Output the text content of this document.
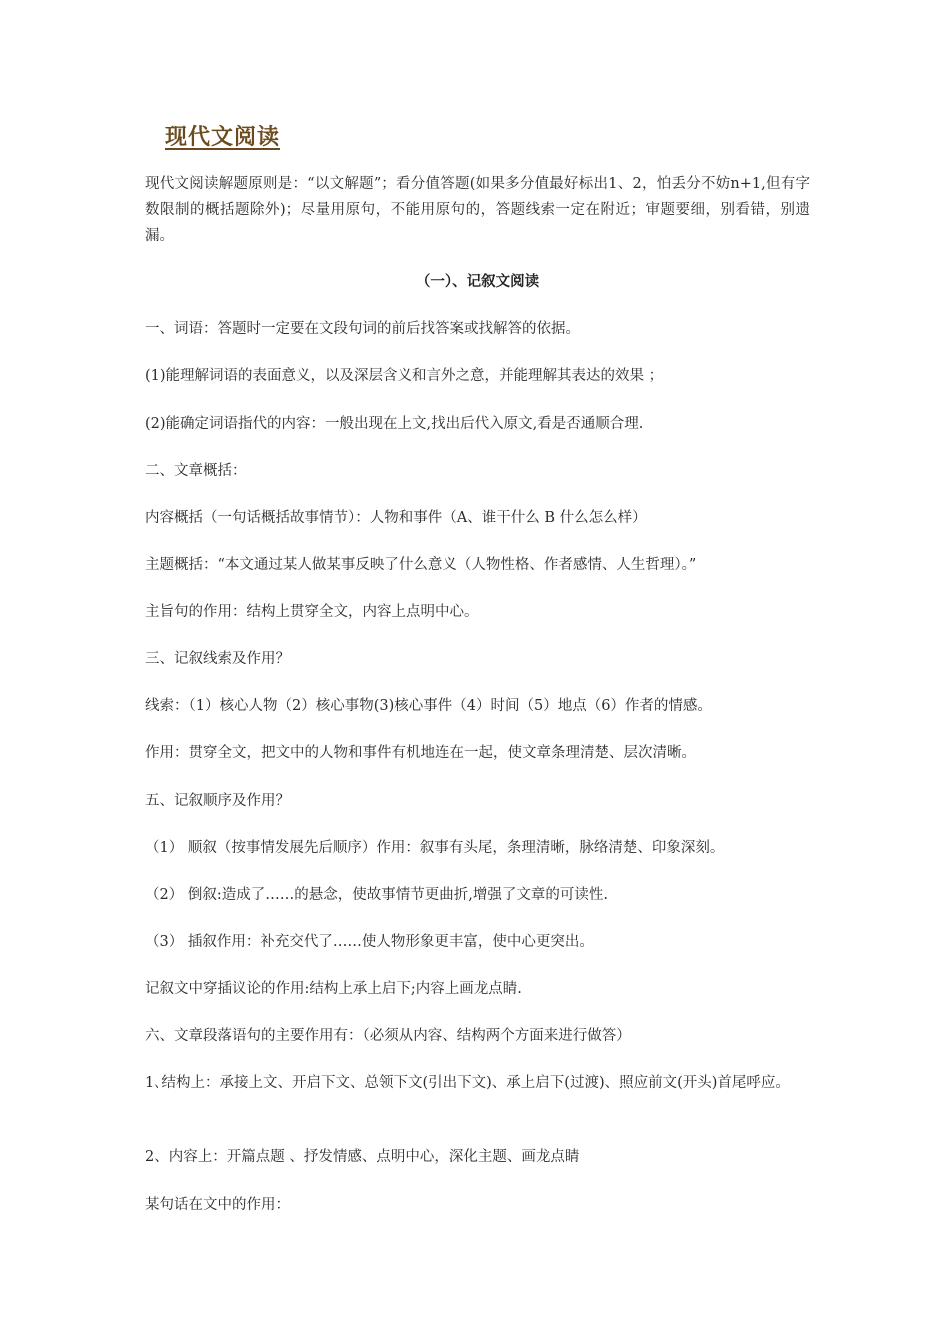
现代文阅读
现代文阅读解题原则是：“以文解题”；看分值答题(如果多分值最好标出1、2，怕丢分不妨n+1,但有字数限制的概括题除外)；尽量用原句，不能用原句的，答题线索一定在附近；审题要细，别看错，别遗漏。
（一）、记叙文阅读
一、词语：答题时一定要在文段句词的前后找答案或找解答的依据。
(1)能理解词语的表面意义，以及深层含义和言外之意，并能理解其表达的效果 ；
(2)能确定词语指代的内容：一般出现在上文,找出后代入原文,看是否通顺合理.
二、文章概括：
内容概括（一句话概括故事情节）：人物和事件（A、谁干什么 B 什么怎么样）
主题概括：“本文通过某人做某事反映了什么意义（人物性格、作者感情、人生哲理）。”
主旨句的作用：结构上贯穿全文，内容上点明中心。
三、记叙线索及作用？
线索：（1）核心人物（2）核心事物(3)核心事件（4）时间（5）地点（6）作者的情感。
作用：贯穿全文，把文中的人物和事件有机地连在一起，使文章条理清楚、层次清晰。
五、记叙顺序及作用？
（1） 顺叙（按事情发展先后顺序）作用：叙事有头尾，条理清晰，脉络清楚、印象深刻。
（2） 倒叙:造成了……的悬念，使故事情节更曲折,增强了文章的可读性.
（3） 插叙作用：补充交代了……使人物形象更丰富，使中心更突出。
记叙文中穿插议论的作用:结构上承上启下;内容上画龙点睛.
六、文章段落语句的主要作用有：（必须从内容、结构两个方面来进行做答）
1､结构上：承接上文、开启下文、总领下文(引出下文)、承上启下(过渡)、照应前文(开头)首尾呼应。
2、内容上：开篇点题 、抒发情感、点明中心，深化主题、画龙点睛
某句话在文中的作用：
